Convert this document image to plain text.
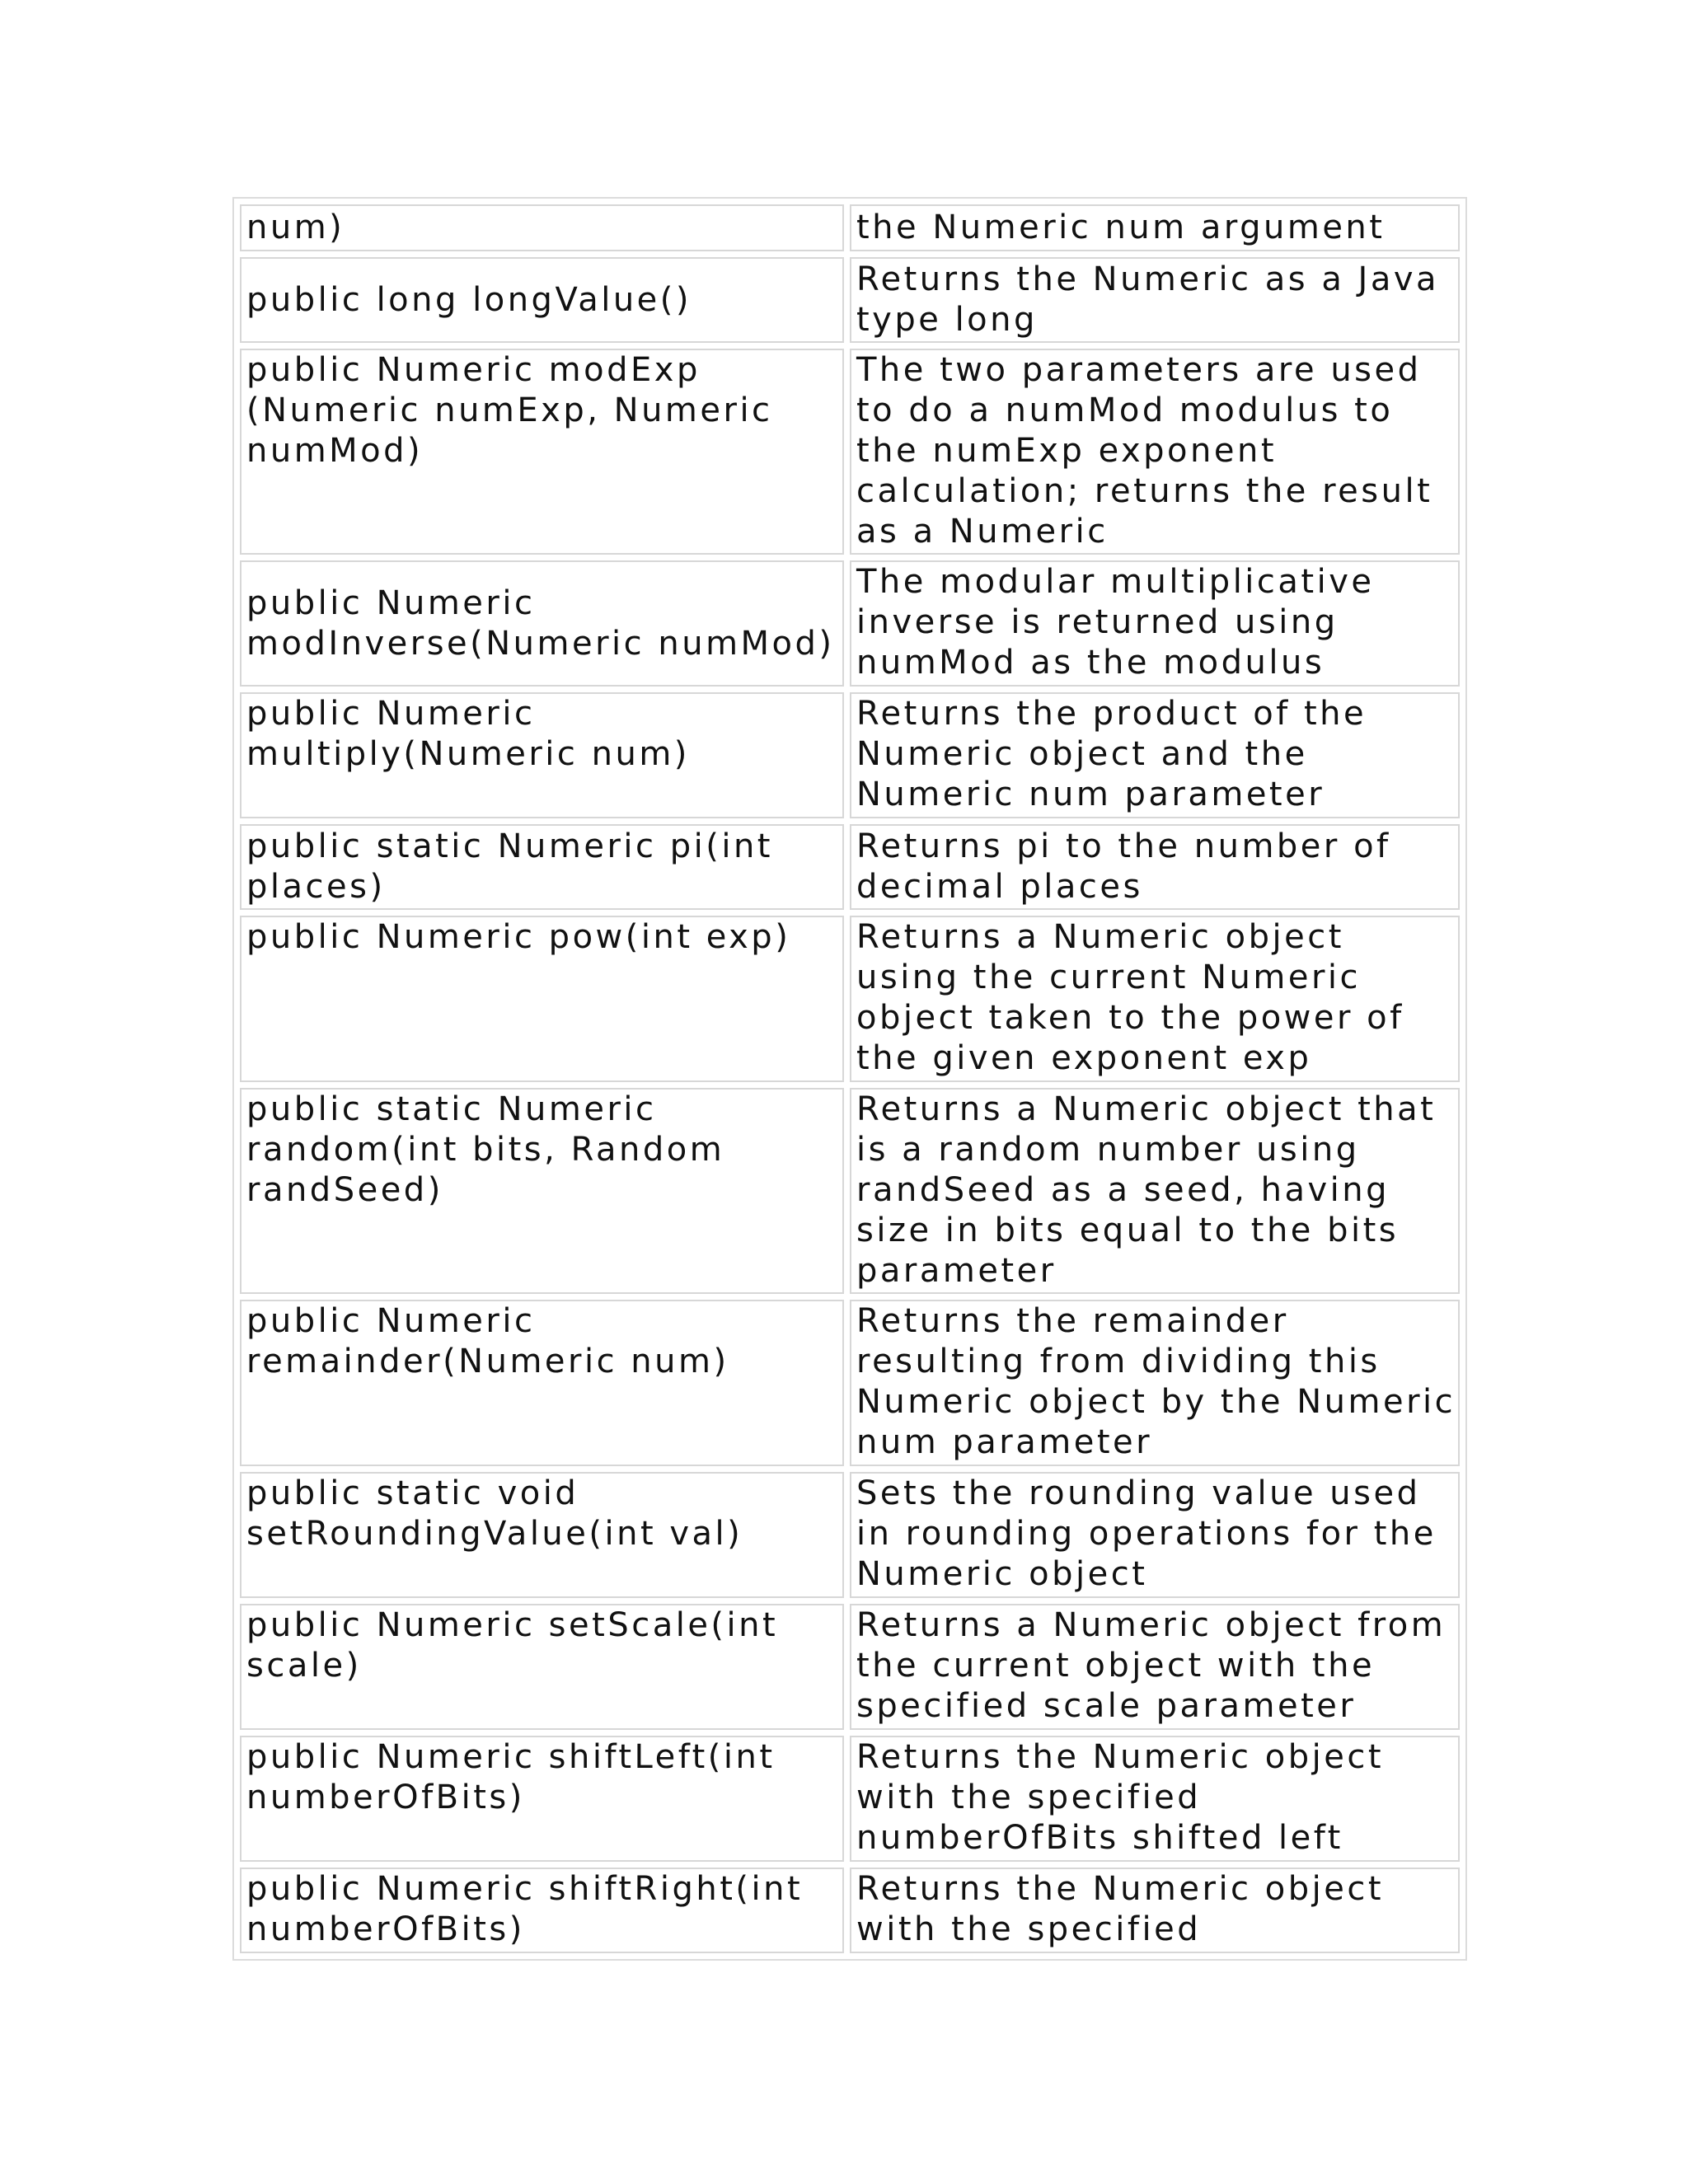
num)	the Numeric num argument
public long longValue()	Returns the Numeric as a Java type long
public Numeric modExp (Numeric numExp, Numeric numMod)	The two parameters are used to do a numMod modulus to the numExp exponent calculation; returns the result as a Numeric
public Numeric modInverse(Numeric numMod)	The modular multiplicative inverse is returned using numMod as the modulus
public Numeric multiply(Numeric num)	Returns the product of the Numeric object and the Numeric num parameter
public static Numeric pi(int places)	Returns pi to the number of decimal places
public Numeric pow(int exp)	Returns a Numeric object using the current Numeric object taken to the power of the given exponent exp
public static Numeric random(int bits, Random randSeed)	Returns a Numeric object that is a random number using randSeed as a seed, having size in bits equal to the bits parameter
public Numeric remainder(Numeric num)	Returns the remainder resulting from dividing this Numeric object by the Numeric num parameter
public static void setRoundingValue(int val)	Sets the rounding value used in rounding operations for the Numeric object
public Numeric setScale(int scale)	Returns a Numeric object from the current object with the specified scale parameter
public Numeric shiftLeft(int numberOfBits)	Returns the Numeric object with the specified numberOfBits shifted left
public Numeric shiftRight(int numberOfBits)	Returns the Numeric object with the specified
